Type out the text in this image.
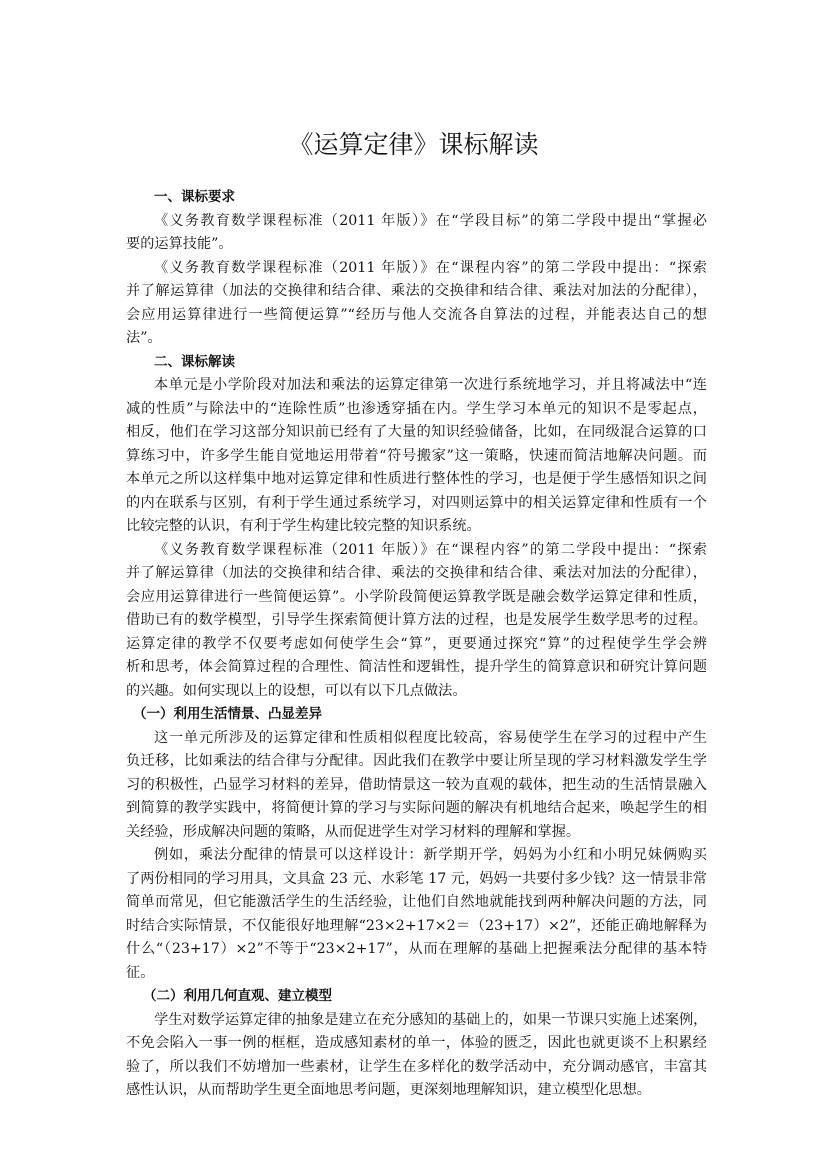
《运算定律》课标解读
一、课标要求
《义务教育数学课程标准（2011 年版）》在“学段目标”的第二学段中提出“掌握必
要的运算技能”。
《义务教育数学课程标准（2011 年版）》在“课程内容”的第二学段中提出：“探索
并了解运算律（加法的交换律和结合律、乘法的交换律和结合律、乘法对加法的分配律），
会应用运算律进行一些简便运算”“经历与他人交流各自算法的过程，并能表达自己的想
法”。
二、课标解读
本单元是小学阶段对加法和乘法的运算定律第一次进行系统地学习，并且将减法中“连
减的性质”与除法中的“连除性质”也渗透穿插在内。学生学习本单元的知识不是零起点，
相反，他们在学习这部分知识前已经有了大量的知识经验储备，比如，在同级混合运算的口
算练习中，许多学生能自觉地运用带着“符号搬家”这一策略，快速而简洁地解决问题。而
本单元之所以这样集中地对运算定律和性质进行整体性的学习，也是便于学生感悟知识之间
的内在联系与区别，有利于学生通过系统学习，对四则运算中的相关运算定律和性质有一个
比较完整的认识，有利于学生构建比较完整的知识系统。
《义务教育数学课程标准（2011 年版）》在“课程内容”的第二学段中提出：“探索
并了解运算律（加法的交换律和结合律、乘法的交换律和结合律、乘法对加法的分配律），
会应用运算律进行一些简便运算”。小学阶段简便运算教学既是融会数学运算定律和性质，
借助已有的数学模型，引导学生探索简便计算方法的过程，也是发展学生数学思考的过程。
运算定律的教学不仅要考虑如何使学生会“算”，更要通过探究“算”的过程使学生学会辨
析和思考，体会简算过程的合理性、简洁性和逻辑性，提升学生的简算意识和研究计算问题
的兴趣。如何实现以上的设想，可以有以下几点做法。
（一）利用生活情景、凸显差异
这一单元所涉及的运算定律和性质相似程度比较高，容易使学生在学习的过程中产生
负迁移，比如乘法的结合律与分配律。因此我们在教学中要让所呈现的学习材料激发学生学
习的积极性，凸显学习材料的差异，借助情景这一较为直观的载体，把生动的生活情景融入
到简算的教学实践中，将简便计算的学习与实际问题的解决有机地结合起来，唤起学生的相
关经验，形成解决问题的策略，从而促进学生对学习材料的理解和掌握。
例如，乘法分配律的情景可以这样设计：新学期开学，妈妈为小红和小明兄妹俩购买
了两份相同的学习用具，文具盒 23 元、水彩笔 17 元，妈妈一共要付多少钱？这一情景非常
简单而常见，但它能激活学生的生活经验，让他们自然地就能找到两种解决问题的方法，同
时结合实际情景，不仅能很好地理解“23×2+17×2＝（23+17）×2”，还能正确地解释为
什么“（23+17）×2”不等于“23×2+17”，从而在理解的基础上把握乘法分配律的基本特
征。
（二）利用几何直观、建立模型
学生对数学运算定律的抽象是建立在充分感知的基础上的，如果一节课只实施上述案例，
不免会陷入一事一例的框框，造成感知素材的单一，体验的匮乏，因此也就更谈不上积累经
验了，所以我们不妨增加一些素材，让学生在多样化的数学活动中，充分调动感官，丰富其
感性认识，从而帮助学生更全面地思考问题，更深刻地理解知识，建立模型化思想。
